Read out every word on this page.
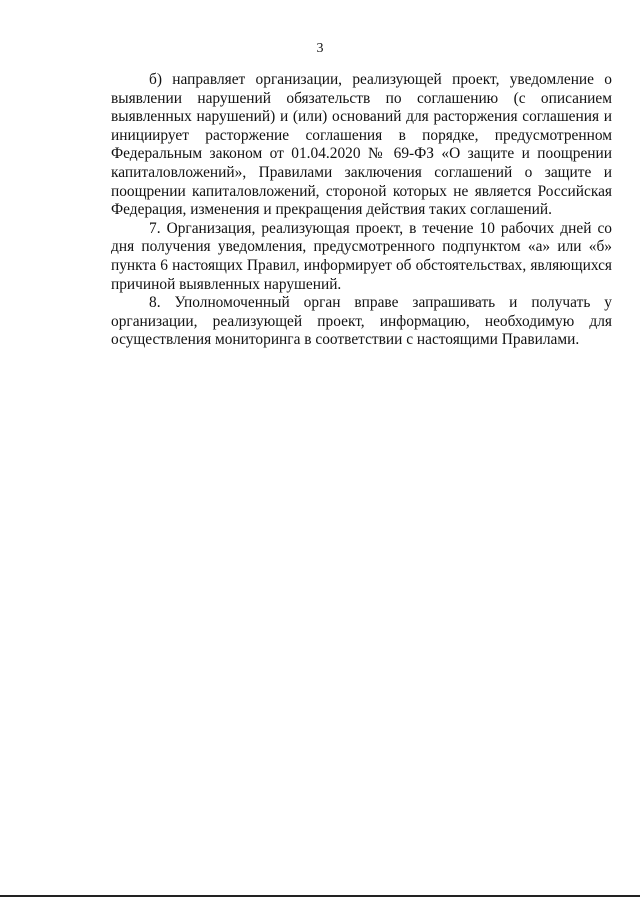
3

б) направляет организации, реализующей проект, уведомление о выявлении нарушений обязательств по соглашению (с описанием выявленных нарушений) и (или) оснований для расторжения соглашения и инициирует расторжение соглашения в порядке, предусмотренном Федеральным законом от 01.04.2020 № 69-ФЗ «О защите и поощрении капиталовложений», Правилами заключения соглашений о защите и поощрении капиталовложений, стороной которых не является Российская Федерация, изменения и прекращения действия таких соглашений.

7. Организация, реализующая проект, в течение 10 рабочих дней со дня получения уведомления, предусмотренного подпунктом «а» или «б» пункта 6 настоящих Правил, информирует об обстоятельствах, являющихся причиной выявленных нарушений.

8. Уполномоченный орган вправе запрашивать и получать у организации, реализующей проект, информацию, необходимую для осуществления мониторинга в соответствии с настоящими Правилами.
